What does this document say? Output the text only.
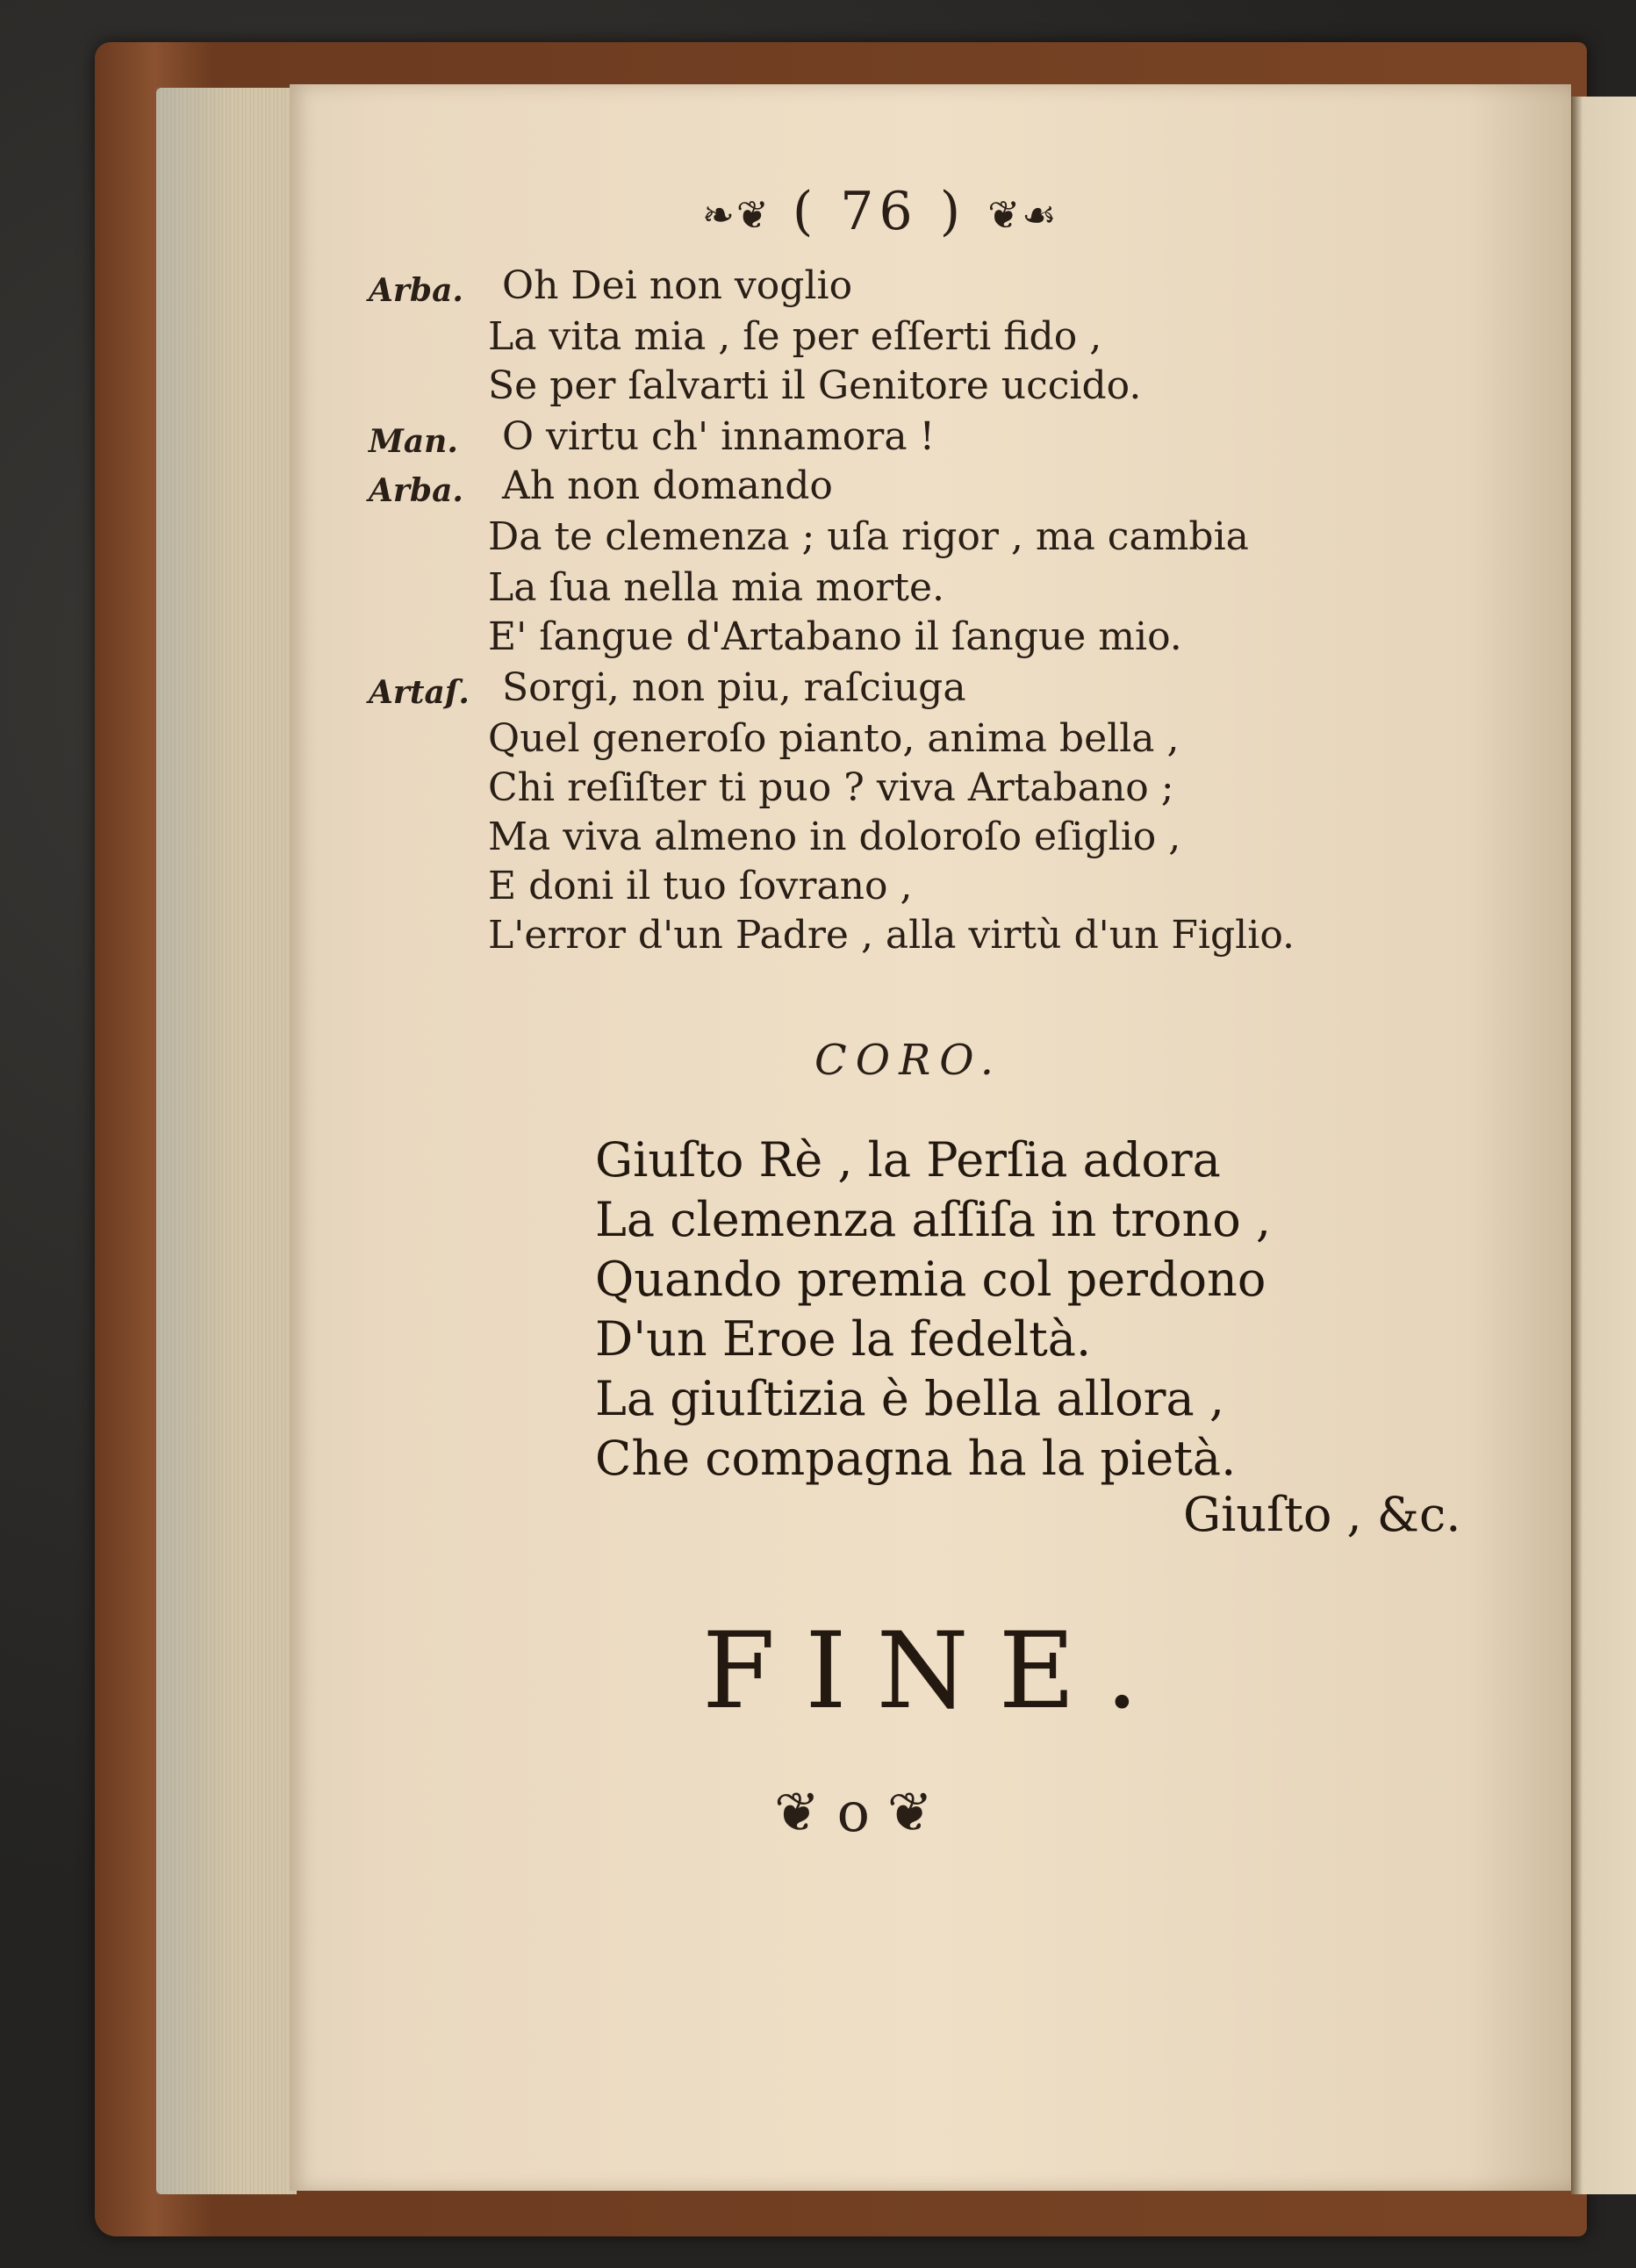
❧❦ ( 76 ) ❦☙
Arba. Oh Dei non voglio
La vita mia , ſe per eſſerti fido ,
Se per ſalvarti il Genitore uccido.
Man. O virtu ch' innamora !
Arba. Ah non domando
Da te clemenza ; uſa rigor , ma cambia
La ſua nella mia morte.
E' ſangue d'Artabano il ſangue mio.
Artaſ. Sorgi, non piu, raſciuga
Quel generoſo pianto, anima bella ,
Chi reſiſter ti puo ? viva Artabano ;
Ma viva almeno in doloroſo eſiglio ,
E doni il tuo ſovrano ,
L'error d'un Padre , alla virtù d'un Figlio.
CORO.
Giuſto Rè , la Perſia adora
La clemenza aſſiſa in trono ,
Quando premia col perdono
D'un Eroe la fedeltà.
La giuſtizia è bella allora ,
Che compagna ha la pietà.
Giuſto , &c.
FINE.
❦ o ❦
